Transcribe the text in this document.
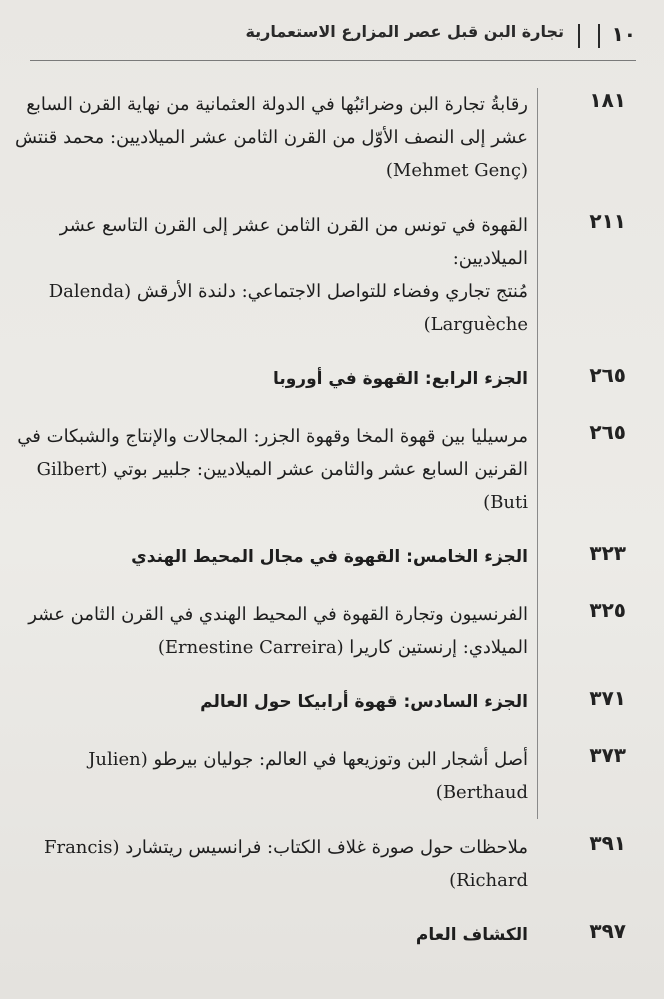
١٠
تجارة البن قبل عصر المزارع الاستعمارية
١٨١
رقابةُ تجارة البن وضرائبُها في الدولة العثمانية من نهاية القرن السابع
عشر إلى النصف الأوّل من القرن الثامن عشر الميلاديين: محمد قنتش
(Mehmet Genç)
٢١١
القهوة في تونس من القرن الثامن عشر إلى القرن التاسع عشر الميلاديين:
مُنتج تجاري وفضاء للتواصل الاجتماعي: دلندة الأرقش (Dalenda
Larguèche)
٢٦٥
الجزء الرابع: القهوة في أوروبا
٢٦٥
مرسيليا بين قهوة المخا وقهوة الجزر: المجالات والإنتاج والشبكات في
القرنين السابع عشر والثامن عشر الميلاديين: جلبير بوتي (Gilbert Buti)
٣٢٣
الجزء الخامس: القهوة في مجال المحيط الهندي
٣٢٥
الفرنسيون وتجارة القهوة في المحيط الهندي في القرن الثامن عشر
الميلادي: إرنستين كاريرا (Ernestine Carreira)
٣٧١
الجزء السادس: قهوة أرابيكا حول العالم
٣٧٣
أصل أشجار البن وتوزيعها في العالم: جوليان بيرطو (Julien Berthaud)
٣٩١
ملاحظات حول صورة غلاف الكتاب: فرانسيس ريتشارد (Francis
Richard)
٣٩٧
الكشاف العام
